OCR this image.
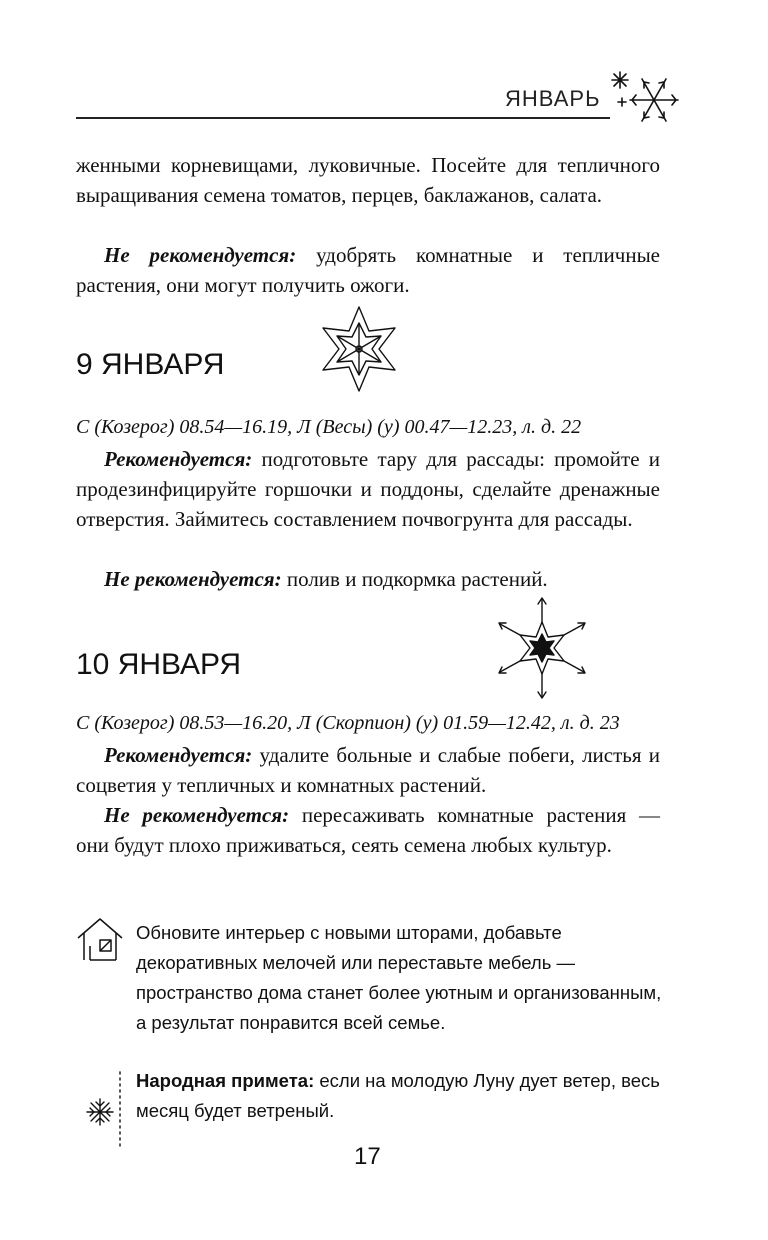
ЯНВАРЬ

женными корневищами, луковичные. Посейте для тепличного выращивания семена томатов, перцев, баклажанов, салата.

Не рекомендуется: удобрять комнатные и тепличные растения, они могут получить ожоги.

9 ЯНВАРЯ
С (Козерог) 08.54—16.19, Л (Весы) (у) 00.47—12.23, л. д. 22

Рекомендуется: подготовьте тару для рассады: промойте и продезинфицируйте горшочки и поддоны, сделайте дренажные отверстия. Займитесь составлением почвогрунта для рассады.

Не рекомендуется: полив и подкормка растений.

10 ЯНВАРЯ
С (Козерог) 08.53—16.20, Л (Скорпион) (у) 01.59—12.42, л. д. 23

Рекомендуется: удалите больные и слабые побеги, листья и соцветия у тепличных и комнатных растений.

Не рекомендуется: пересаживать комнатные растения — они будут плохо приживаться, сеять семена любых культур.

Обновите интерьер с новыми шторами, добавьте декоративных мелочей или переставьте мебель — пространство дома станет более уютным и организованным, а результат понравится всей семье.

Народная примета: если на молодую Луну дует ветер, весь месяц будет ветреный.

17
